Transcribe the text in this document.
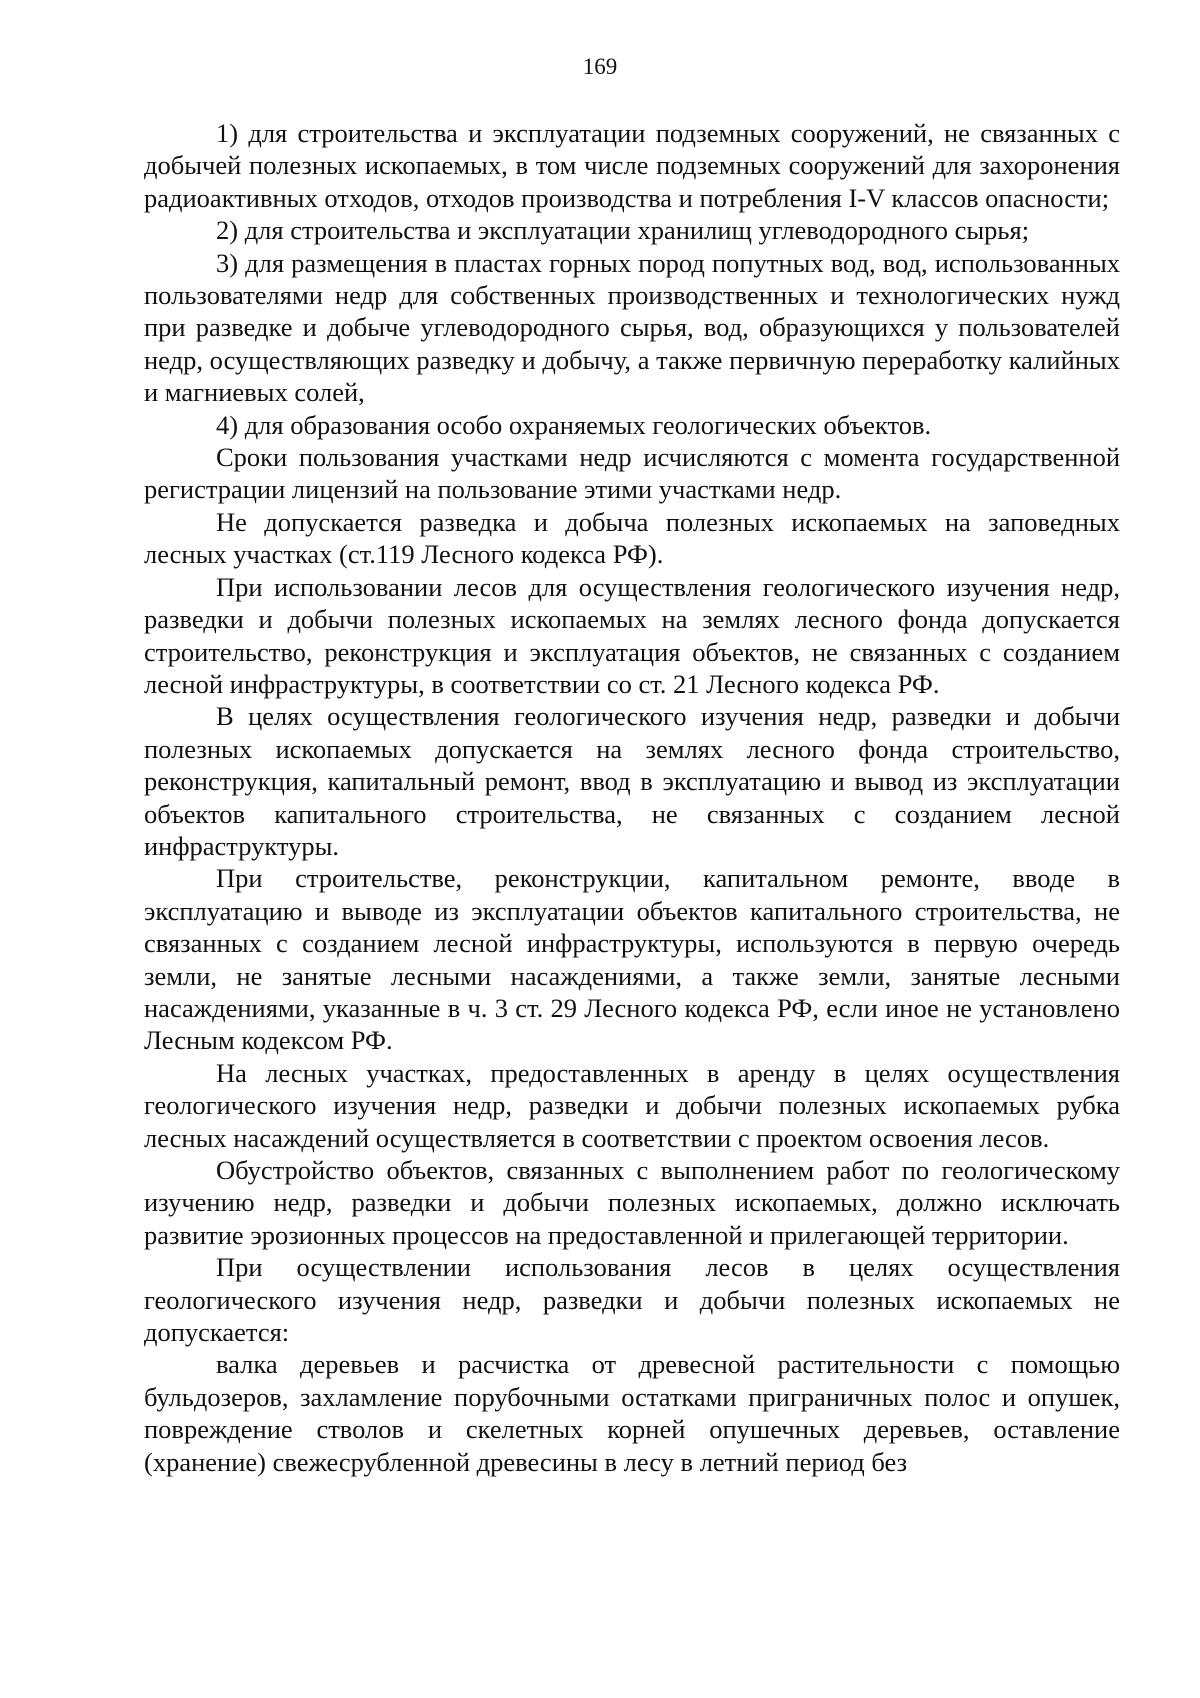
169

1) для строительства и эксплуатации подземных сооружений, не связанных с добычей полезных ископаемых, в том числе подземных сооружений для захоронения радиоактивных отходов, отходов производства и потребления I-V классов опасности;

2) для строительства и эксплуатации хранилищ углеводородного сырья;

3) для размещения в пластах горных пород попутных вод, вод, использованных пользователями недр для собственных производственных и технологических нужд при разведке и добыче углеводородного сырья, вод, образующихся у пользователей недр, осуществляющих разведку и добычу, а также первичную переработку калийных и магниевых солей,

4) для образования особо охраняемых геологических объектов.

Сроки пользования участками недр исчисляются с момента государственной регистрации лицензий на пользование этими участками недр.

Не допускается разведка и добыча полезных ископаемых на заповедных лесных участках (ст.119 Лесного кодекса РФ).

При использовании лесов для осуществления геологического изучения недр, разведки и добычи полезных ископаемых на землях лесного фонда допускается строительство, реконструкция и эксплуатация объектов, не связанных с созданием лесной инфраструктуры, в соответствии со ст. 21 Лесного кодекса РФ.

В целях осуществления геологического изучения недр, разведки и добычи полезных ископаемых допускается на землях лесного фонда строительство, реконструкция, капитальный ремонт, ввод в эксплуатацию и вывод из эксплуатации объектов капитального строительства, не связанных с созданием лесной инфраструктуры.

При строительстве, реконструкции, капитальном ремонте, вводе в эксплуатацию и выводе из эксплуатации объектов капитального строительства, не связанных с созданием лесной инфраструктуры, используются в первую очередь земли, не занятые лесными насаждениями, а также земли, занятые лесными насаждениями, указанные в ч. 3 ст. 29 Лесного кодекса РФ, если иное не установлено Лесным кодексом РФ.

На лесных участках, предоставленных в аренду в целях осуществления геологического изучения недр, разведки и добычи полезных ископаемых рубка лесных насаждений осуществляется в соответствии с проектом освоения лесов.

Обустройство объектов, связанных с выполнением работ по геологическому изучению недр, разведки и добычи полезных ископаемых, должно исключать развитие эрозионных процессов на предоставленной и прилегающей территории.

При осуществлении использования лесов в целях осуществления геологического изучения недр, разведки и добычи полезных ископаемых не допускается:

валка деревьев и расчистка от древесной растительности с помощью бульдозеров, захламление порубочными остатками приграничных полос и опушек, повреждение стволов и скелетных корней опушечных деревьев, оставление (хранение) свежесрубленной древесины в лесу в летний период без
